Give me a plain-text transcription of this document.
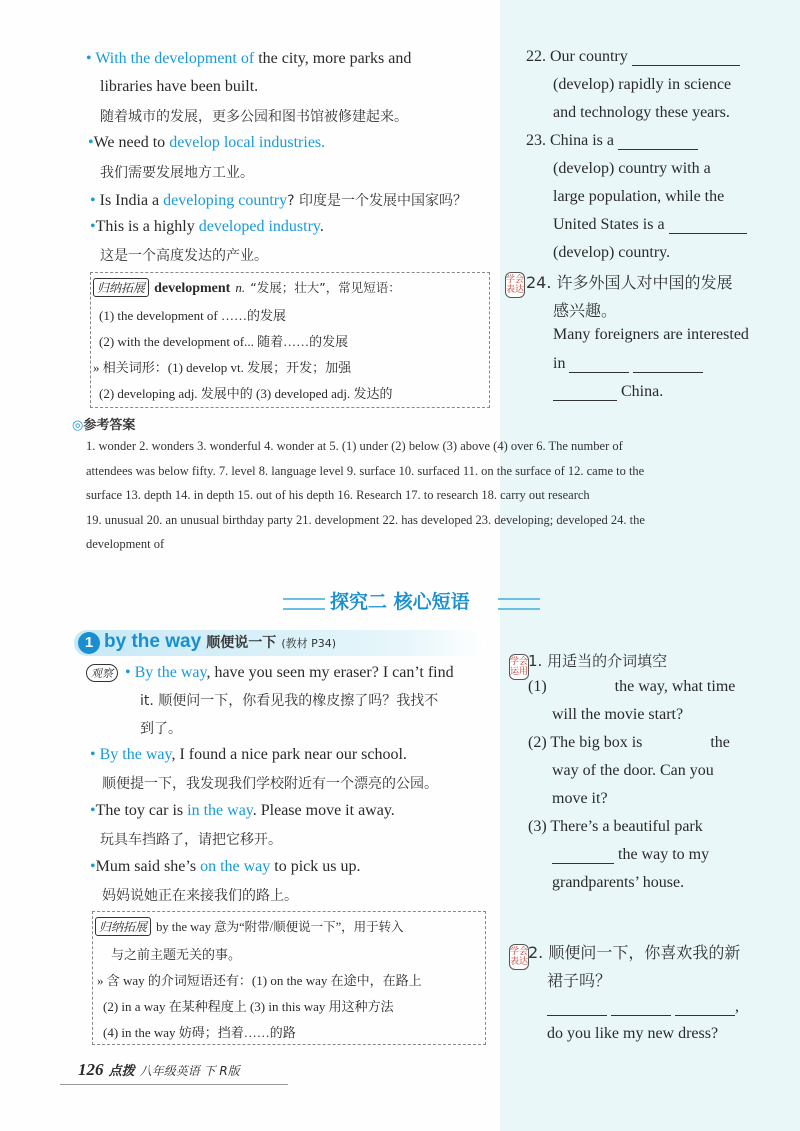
• With the development of the city, more parks and
libraries have been built.
随着城市的发展，更多公园和图书馆被修建起来。
•We need to develop local industries.
我们需要发展地方工业。
• Is India a developing country? 印度是一个发展中国家吗？
•This is a highly developed industry.
这是一个高度发达的产业。
归纳拓展 development n. “发展；壮大”，常见短语：
(1) the development of ……的发展
(2) with the development of... 随着……的发展
» 相关词形：(1) develop vt. 发展；开发；加强
(2) developing adj. 发展中的 (3) developed adj. 发达的
22. Our country
(develop) rapidly in science
and technology these years.
23. China is a
(develop) country with a
large population, while the
United States is a
(develop) country.
学会表达 24. 许多外国人对中国的发展
感兴趣。
Many foreigners are interested
in
China.
◎参考答案
1. wonder 2. wonders 3. wonderful 4. wonder at 5. (1) under (2) below (3) above (4) over 6. The number of
attendees was below fifty. 7. level 8. language level 9. surface 10. surfaced 11. on the surface of 12. came to the
surface 13. depth 14. in depth 15. out of his depth 16. Research 17. to research 18. carry out research
19. unusual 20. an unusual birthday party 21. development 22. has developed 23. developing; developed 24. the
development of
探究二 核心短语
1 by the way 顺便说一下 (教材 P34)
观察 • By the way, have you seen my eraser? I can’t find
it. 顺便问一下，你看见我的橡皮擦了吗？我找不
到了。
• By the way, I found a nice park near our school.
顺便提一下，我发现我们学校附近有一个漂亮的公园。
•The toy car is in the way. Please move it away.
玩具车挡路了，请把它移开。
•Mum said she’s on the way to pick us up.
妈妈说她正在来接我们的路上。
归纳拓展 by the way 意为“附带/顺便说一下”，用于转入
与之前主题无关的事。
» 含 way 的介词短语还有：(1) on the way 在途中，在路上
(2) in a way 在某种程度上 (3) in this way 用这种方法
(4) in the way 妨碍；挡着……的路
学会运用
1. 用适当的介词填空
(1)	the way, what time
will the movie start?
(2) The big box is	the
way of the door. Can you
move it?
(3) There’s a beautiful park
the way to my
grandparents’ house.
学会表达 2. 顺便问一下，你喜欢我的新
裙子吗？
,
do you like my new dress?
126 点拨 八年级英语 下 R版
